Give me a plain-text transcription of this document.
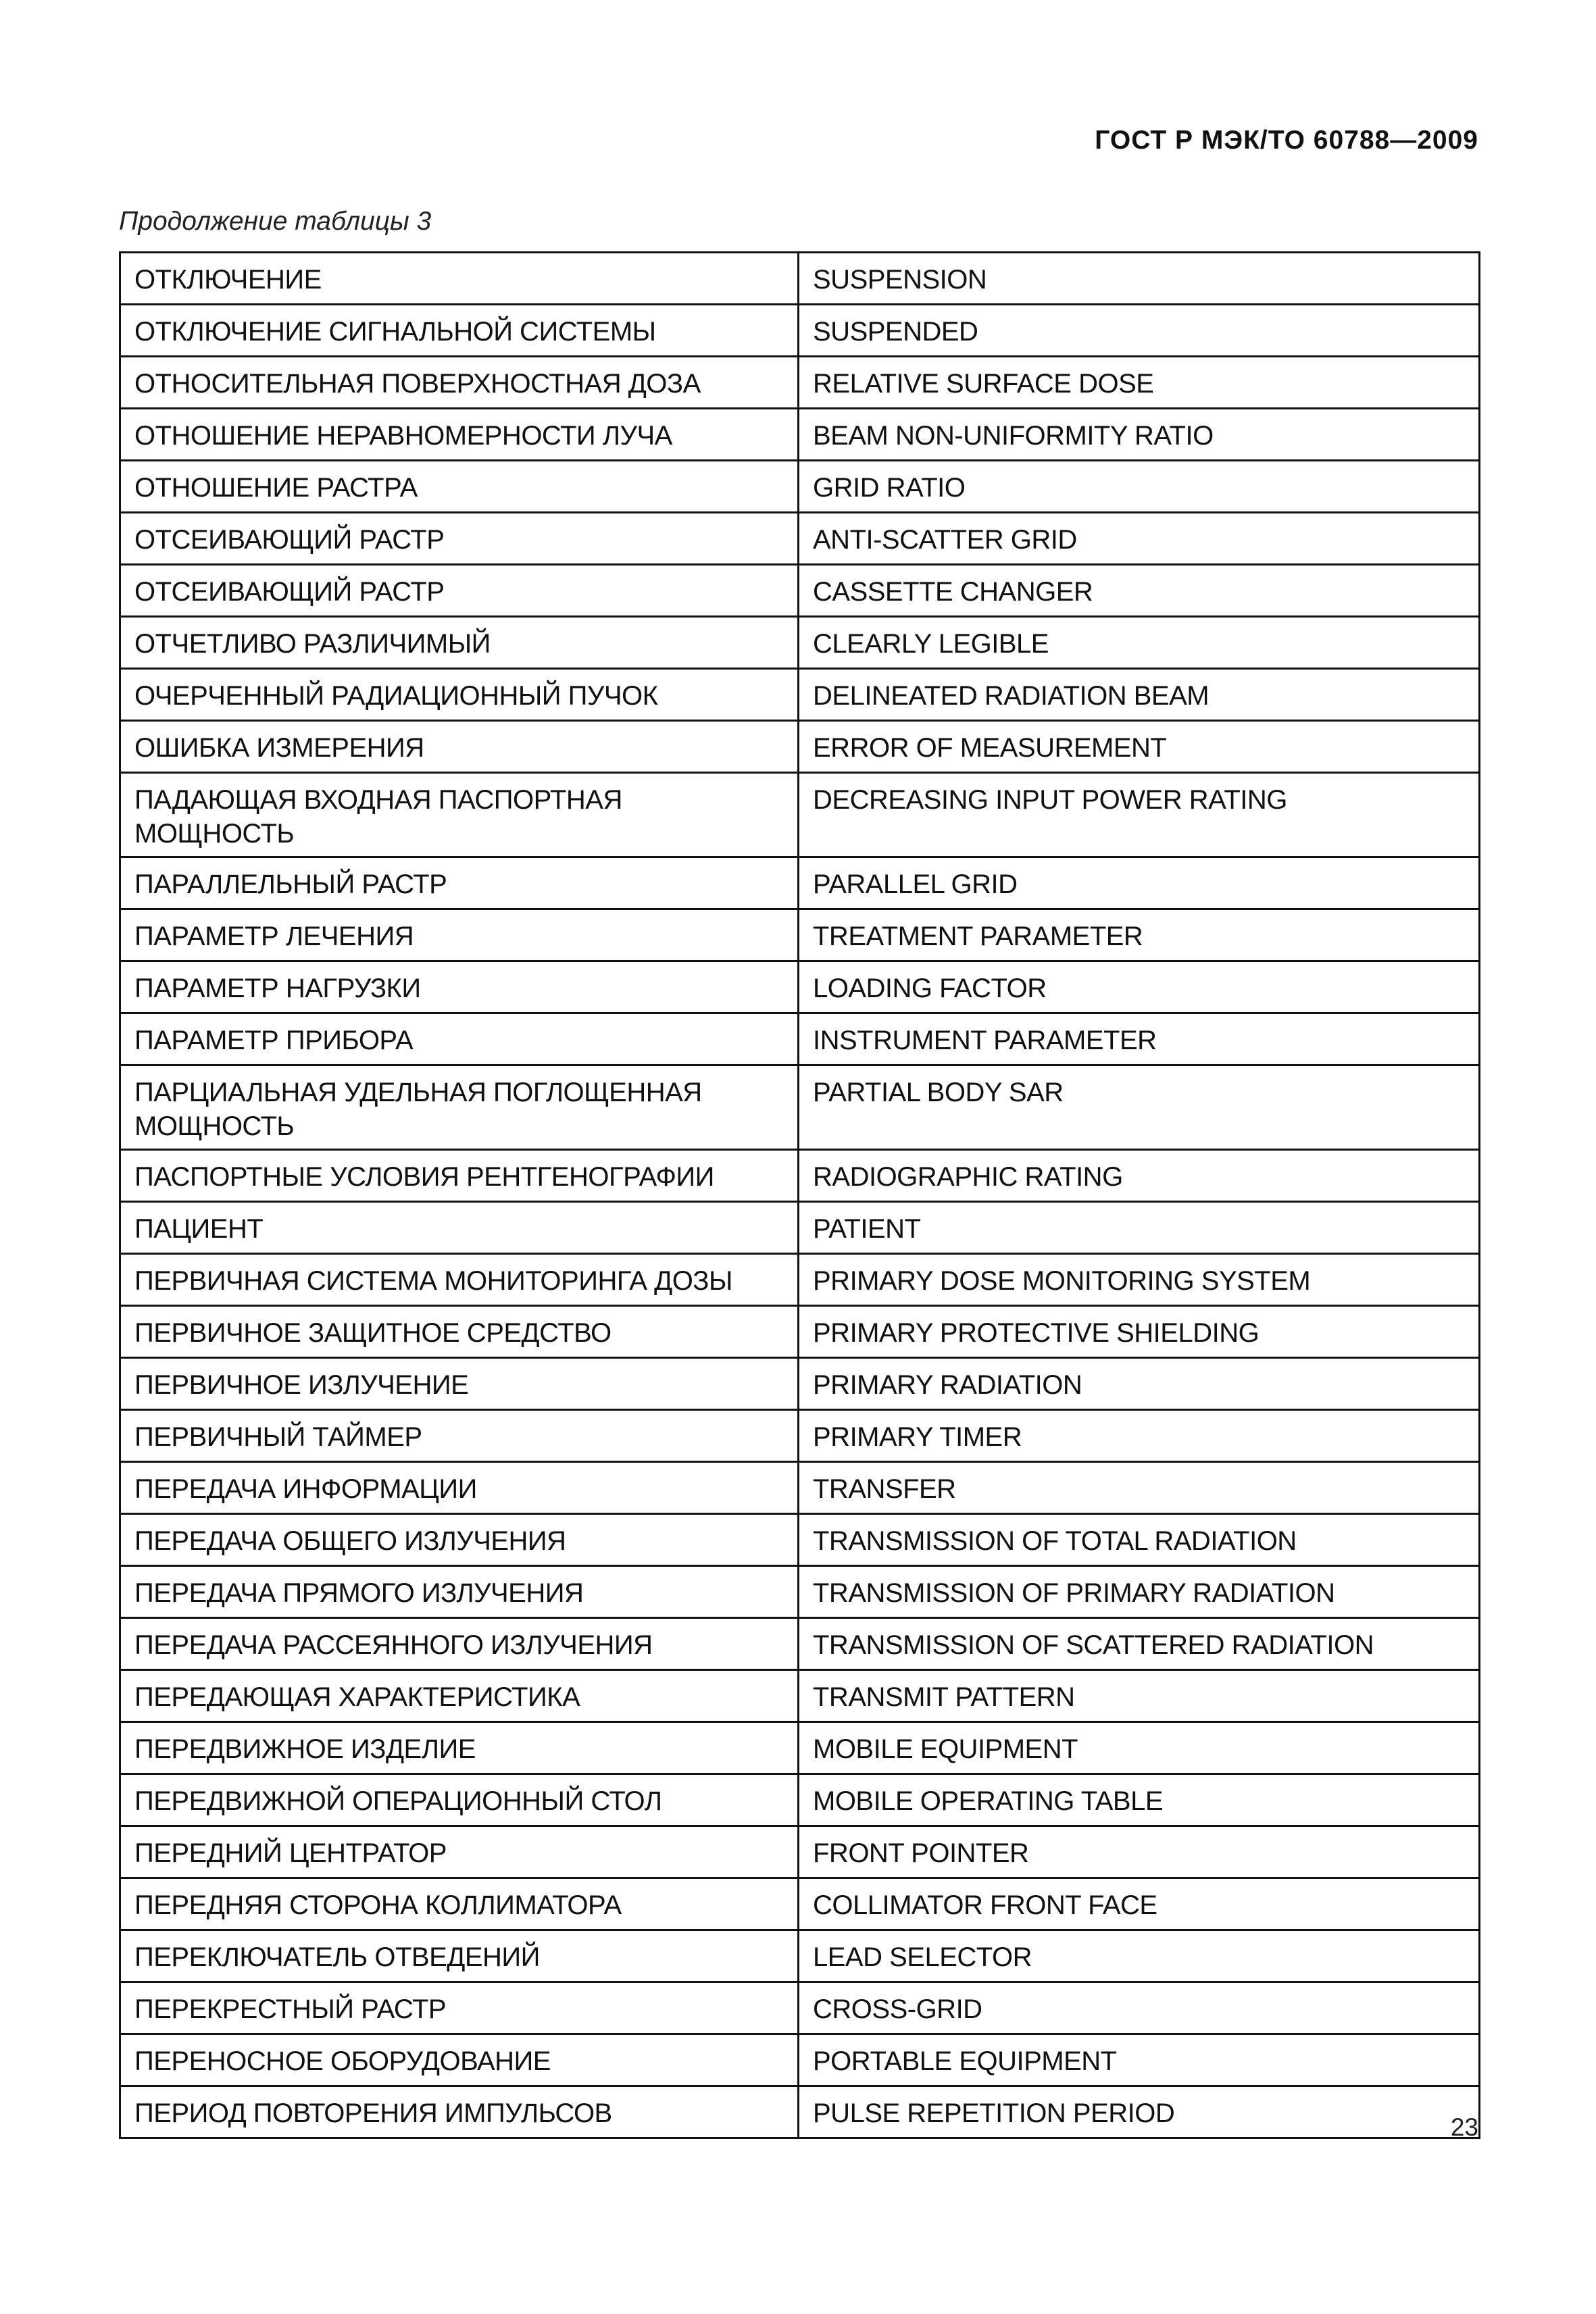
ГОСТ Р МЭК/ТО 60788—2009
Продолжение таблицы 3
ОТКЛЮЧЕНИЕ	SUSPENSION
ОТКЛЮЧЕНИЕ СИГНАЛЬНОЙ СИСТЕМЫ	SUSPENDED
ОТНОСИТЕЛЬНАЯ ПОВЕРХНОСТНАЯ ДОЗА	RELATIVE SURFACE DOSE
ОТНОШЕНИЕ НЕРАВНОМЕРНОСТИ ЛУЧА	BEAM NON-UNIFORMITY RATIO
ОТНОШЕНИЕ РАСТРА	GRID RATIO
ОТСЕИВАЮЩИЙ РАСТР	ANTI-SCATTER GRID
ОТСЕИВАЮЩИЙ РАСТР	CASSETTE CHANGER
ОТЧЕТЛИВО РАЗЛИЧИМЫЙ	CLEARLY LEGIBLE
ОЧЕРЧЕННЫЙ РАДИАЦИОННЫЙ ПУЧОК	DELINEATED RADIATION BEAM
ОШИБКА ИЗМЕРЕНИЯ	ERROR OF MEASUREMENT
ПАДАЮЩАЯ ВХОДНАЯ ПАСПОРТНАЯ МОЩНОСТЬ	DECREASING INPUT POWER RATING
ПАРАЛЛЕЛЬНЫЙ РАСТР	PARALLEL GRID
ПАРАМЕТР ЛЕЧЕНИЯ	TREATMENT PARAMETER
ПАРАМЕТР НАГРУЗКИ	LOADING FACTOR
ПАРАМЕТР ПРИБОРА	INSTRUMENT PARAMETER
ПАРЦИАЛЬНАЯ УДЕЛЬНАЯ ПОГЛОЩЕННАЯ МОЩНОСТЬ	PARTIAL BODY SAR
ПАСПОРТНЫЕ УСЛОВИЯ РЕНТГЕНОГРАФИИ	RADIOGRAPHIC RATING
ПАЦИЕНТ	PATIENT
ПЕРВИЧНАЯ СИСТЕМА МОНИТОРИНГА ДОЗЫ	PRIMARY DOSE MONITORING SYSTEM
ПЕРВИЧНОЕ ЗАЩИТНОЕ СРЕДСТВО	PRIMARY PROTECTIVE SHIELDING
ПЕРВИЧНОЕ ИЗЛУЧЕНИЕ	PRIMARY RADIATION
ПЕРВИЧНЫЙ ТАЙМЕР	PRIMARY TIMER
ПЕРЕДАЧА ИНФОРМАЦИИ	TRANSFER
ПЕРЕДАЧА ОБЩЕГО ИЗЛУЧЕНИЯ	TRANSMISSION OF TOTAL RADIATION
ПЕРЕДАЧА ПРЯМОГО ИЗЛУЧЕНИЯ	TRANSMISSION OF PRIMARY RADIATION
ПЕРЕДАЧА РАССЕЯННОГО ИЗЛУЧЕНИЯ	TRANSMISSION OF SCATTERED RADIATION
ПЕРЕДАЮЩАЯ ХАРАКТЕРИСТИКА	TRANSMIT PATTERN
ПЕРЕДВИЖНОЕ ИЗДЕЛИЕ	MOBILE EQUIPMENT
ПЕРЕДВИЖНОЙ ОПЕРАЦИОННЫЙ СТОЛ	MOBILE OPERATING TABLE
ПЕРЕДНИЙ ЦЕНТРАТОР	FRONT POINTER
ПЕРЕДНЯЯ СТОРОНА КОЛЛИМАТОРА	COLLIMATOR FRONT FACE
ПЕРЕКЛЮЧАТЕЛЬ ОТВЕДЕНИЙ	LEAD SELECTOR
ПЕРЕКРЕСТНЫЙ РАСТР	CROSS-GRID
ПЕРЕНОСНОЕ ОБОРУДОВАНИЕ	PORTABLE EQUIPMENT
ПЕРИОД ПОВТОРЕНИЯ ИМПУЛЬСОВ	PULSE REPETITION PERIOD	23
